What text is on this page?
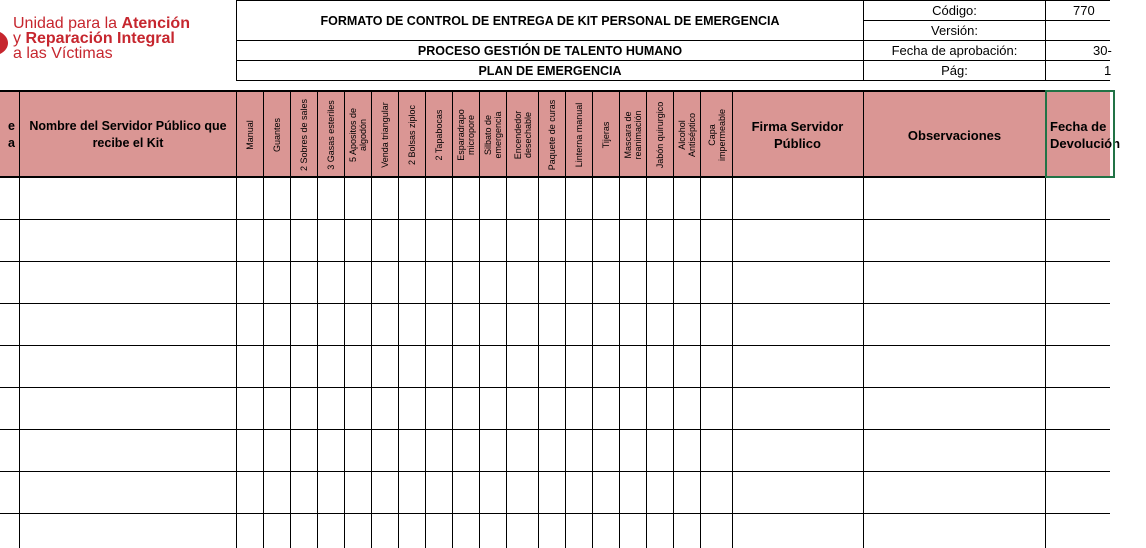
Unidad para la Atención
y Reparación Integral
a las Víctimas
FORMATO DE CONTROL DE ENTREGA DE KIT PERSONAL DE EMERGENCIA
PROCESO GESTIÓN DE TALENTO HUMANO
PLAN DE EMERGENCIA
Código:
Versión:
Fecha de aprobación:
Pág:
770
30-
1
e
a
Nombre del Servidor Público que recibe el Kit	Manual Guantes 2 Sobres de sales 3 Gasas esteriles 5 Apositos de
algodón Venda triangular 2 Bolsas ziploc 2 Tapabocas Esparadrapo
micropore Silbato de
emergencia Encendedor
desechable Paquete de curas Linterna manual Tijeras Mascara de
reanimación Jabón quirurgico Alcohol
Antiséptico Capa
impermeable	Firma Servidor Público
Observaciones
Fecha de Devolución
